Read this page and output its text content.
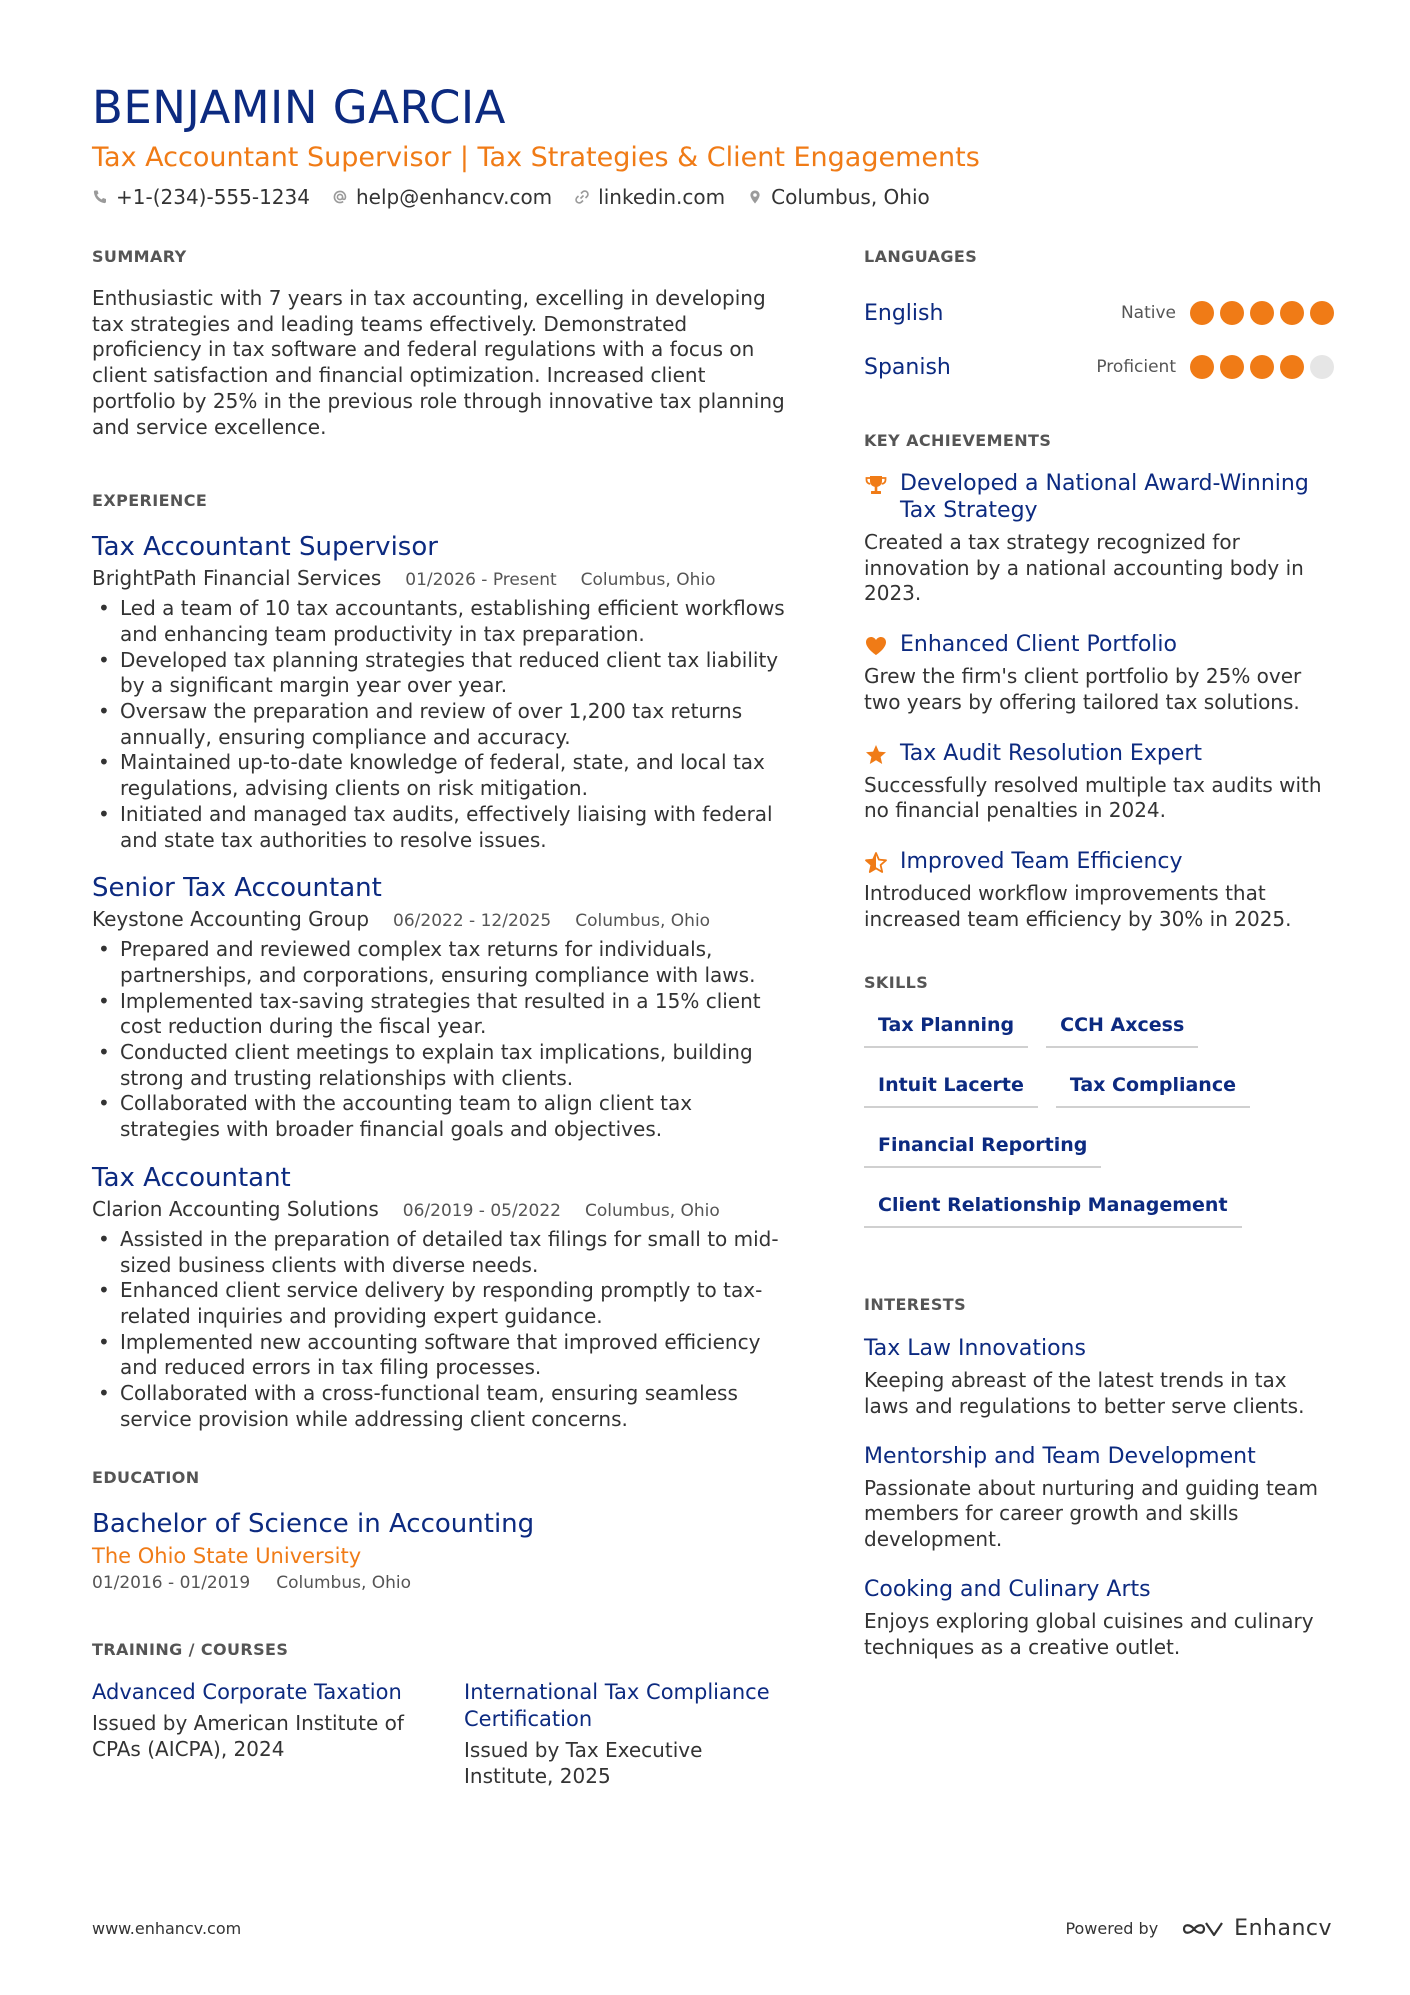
BENJAMIN GARCIA
Tax Accountant Supervisor | Tax Strategies & Client Engagements
+1-(234)-555-1234 help@enhancv.com linkedin.com Columbus, Ohio
SUMMARY
Enthusiastic with 7 years in tax accounting, excelling in developing tax strategies and leading teams effectively. Demonstrated proficiency in tax software and federal regulations with a focus on client satisfaction and financial optimization. Increased client portfolio by 25% in the previous role through innovative tax planning and service excellence.
EXPERIENCE
Tax Accountant Supervisor
BrightPath Financial Services 01/2026 - Present Columbus, Ohio
• Led a team of 10 tax accountants, establishing efficient workflows and enhancing team productivity in tax preparation.
• Developed tax planning strategies that reduced client tax liability by a significant margin year over year.
• Oversaw the preparation and review of over 1,200 tax returns annually, ensuring compliance and accuracy.
• Maintained up-to-date knowledge of federal, state, and local tax regulations, advising clients on risk mitigation.
• Initiated and managed tax audits, effectively liaising with federal and state tax authorities to resolve issues.
Senior Tax Accountant
Keystone Accounting Group 06/2022 - 12/2025 Columbus, Ohio
• Prepared and reviewed complex tax returns for individuals, partnerships, and corporations, ensuring compliance with laws.
• Implemented tax-saving strategies that resulted in a 15% client cost reduction during the fiscal year.
• Conducted client meetings to explain tax implications, building strong and trusting relationships with clients.
• Collaborated with the accounting team to align client tax strategies with broader financial goals and objectives.
Tax Accountant
Clarion Accounting Solutions 06/2019 - 05/2022 Columbus, Ohio
• Assisted in the preparation of detailed tax filings for small to mid-sized business clients with diverse needs.
• Enhanced client service delivery by responding promptly to tax-related inquiries and providing expert guidance.
• Implemented new accounting software that improved efficiency and reduced errors in tax filing processes.
• Collaborated with a cross-functional team, ensuring seamless service provision while addressing client concerns.
EDUCATION
Bachelor of Science in Accounting
The Ohio State University
01/2016 - 01/2019 Columbus, Ohio
TRAINING / COURSES
Advanced Corporate Taxation
Issued by American Institute of CPAs (AICPA), 2024
International Tax Compliance Certification
Issued by Tax Executive Institute, 2025
LANGUAGES
English	Native
Spanish	Proficient
KEY ACHIEVEMENTS
Developed a National Award-Winning Tax Strategy
Created a tax strategy recognized for innovation by a national accounting body in 2023.
Enhanced Client Portfolio
Grew the firm's client portfolio by 25% over two years by offering tailored tax solutions.
Tax Audit Resolution Expert
Successfully resolved multiple tax audits with no financial penalties in 2024.
Improved Team Efficiency
Introduced workflow improvements that increased team efficiency by 30% in 2025.
SKILLS
Tax Planning	CCH Axcess
Intuit Lacerte	Tax Compliance
Financial Reporting
Client Relationship Management
INTERESTS
Tax Law Innovations
Keeping abreast of the latest trends in tax laws and regulations to better serve clients.
Mentorship and Team Development
Passionate about nurturing and guiding team members for career growth and skills development.
Cooking and Culinary Arts
Enjoys exploring global cuisines and culinary techniques as a creative outlet.
www.enhancv.com	Powered by	Enhancv
